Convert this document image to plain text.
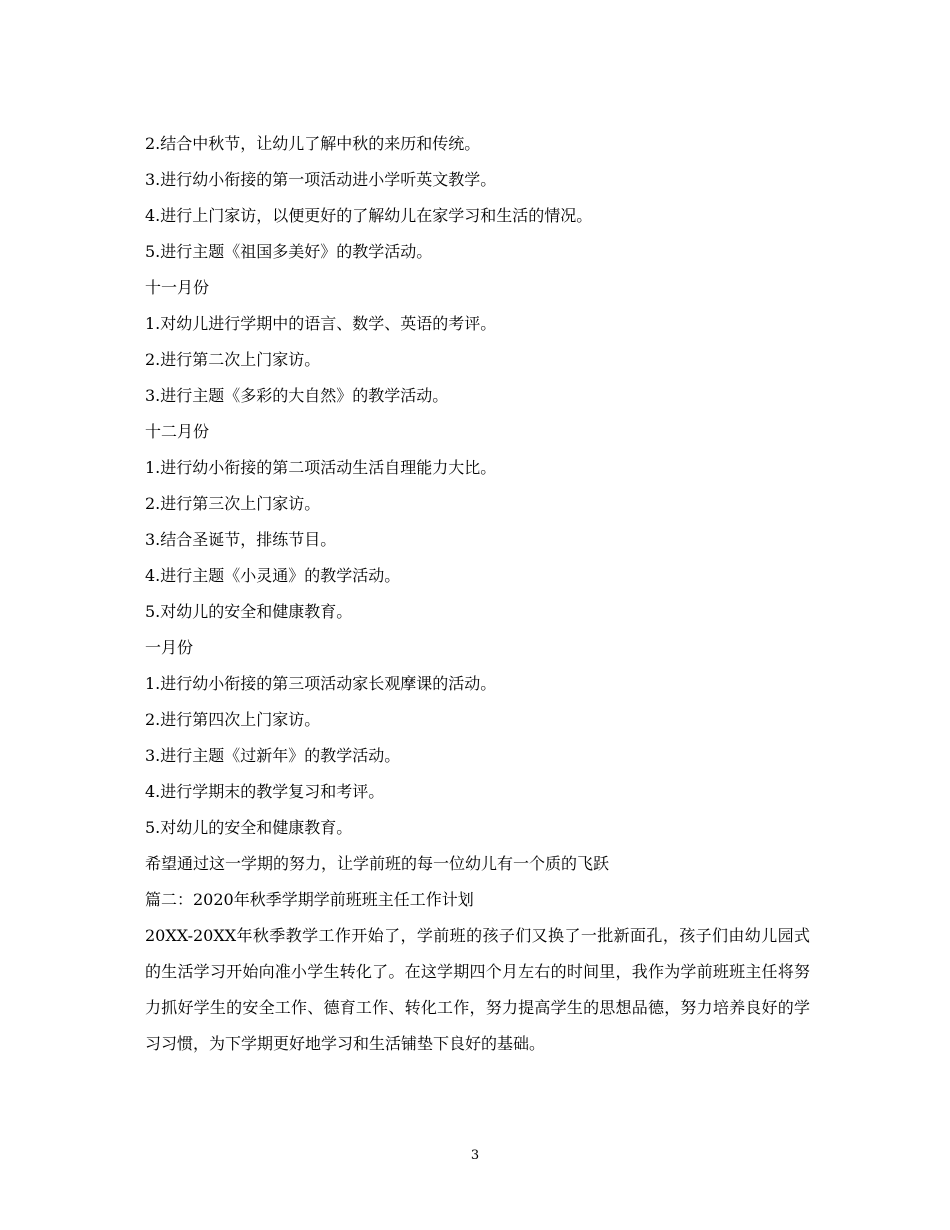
2.结合中秋节，让幼儿了解中秋的来历和传统。
3.进行幼小衔接的第一项活动进小学听英文教学。
4.进行上门家访，以便更好的了解幼儿在家学习和生活的情况。
5.进行主题《祖国多美好》的教学活动。
十一月份
1.对幼儿进行学期中的语言、数学、英语的考评。
2.进行第二次上门家访。
3.进行主题《多彩的大自然》的教学活动。
十二月份
1.进行幼小衔接的第二项活动生活自理能力大比。
2.进行第三次上门家访。
3.结合圣诞节，排练节目。
4.进行主题《小灵通》的教学活动。
5.对幼儿的安全和健康教育。
一月份
1.进行幼小衔接的第三项活动家长观摩课的活动。
2.进行第四次上门家访。
3.进行主题《过新年》的教学活动。
4.进行学期末的教学复习和考评。
5.对幼儿的安全和健康教育。
希望通过这一学期的努力，让学前班的每一位幼儿有一个质的飞跃
篇二：2020年秋季学期学前班班主任工作计划
20XX-20XX年秋季教学工作开始了，学前班的孩子们又换了一批新面孔，孩子们由幼儿园式的生活学习开始向准小学生转化了。在这学期四个月左右的时间里，我作为学前班班主任将努力抓好学生的安全工作、德育工作、转化工作，努力提高学生的思想品德，努力培养良好的学习习惯，为下学期更好地学习和生活铺垫下良好的基础。
3
